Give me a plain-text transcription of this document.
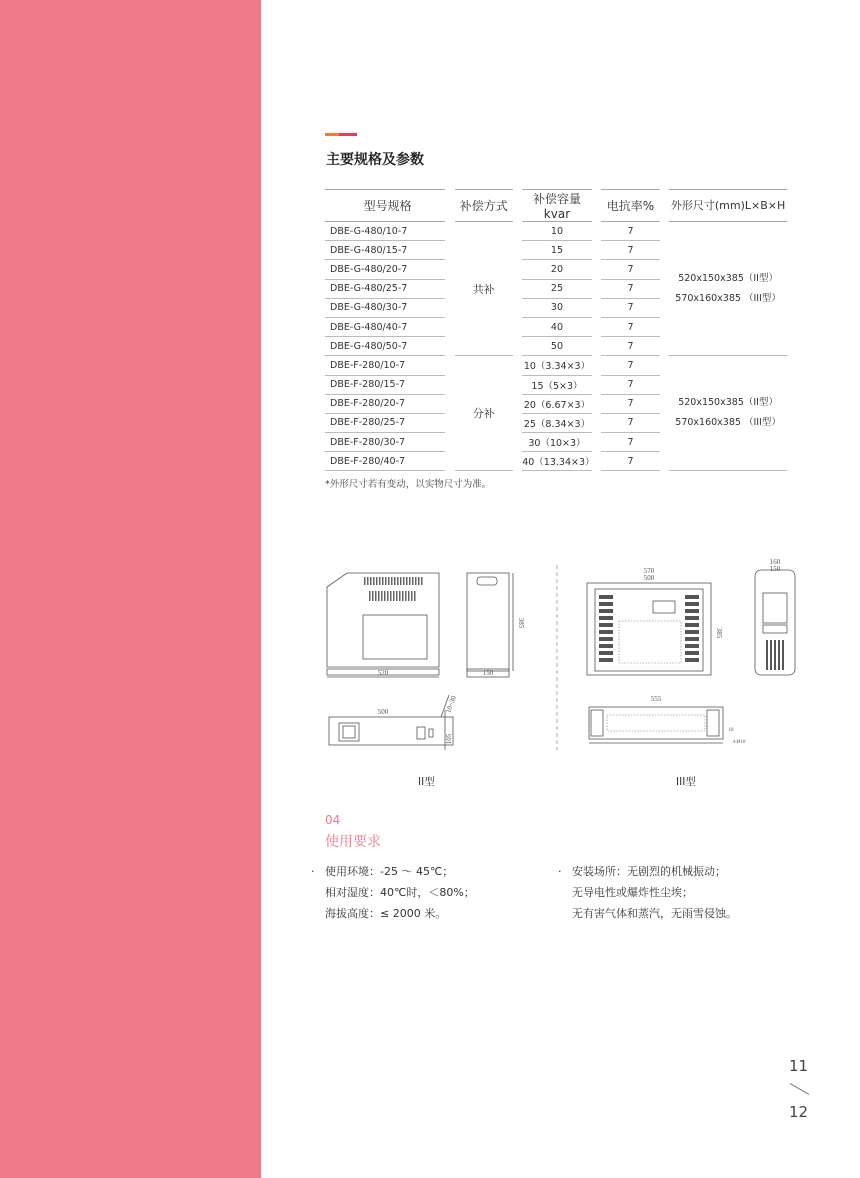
主要规格及参数
型号规格		补偿方式		补偿容量kvar		电抗率%		外形尺寸(mm)L×B×H
DBE-G-480/10-7		共补		10		7		520x150x385（II型）
570x160x385 （III型）

DBE-G-480/15-7				15		7		
DBE-G-480/20-7				20		7		
DBE-G-480/25-7				25		7		
DBE-G-480/30-7				30		7		
DBE-G-480/40-7				40		7		
DBE-G-480/50-7				50		7		
DBE-F-280/10-7		分补		10（3.34×3）		7		520x150x385（II型）
570x160x385 （III型）

DBE-F-280/15-7				15（5×3）		7		
DBE-F-280/20-7				20（6.67×3）		7		
DBE-F-280/25-7				25（8.34×3）		7		
DBE-F-280/30-7				30（10×3）		7		
DBE-F-280/40-7				40（13.34×3）		7		
*外形尺寸若有变动，以实物尺寸为准。
520	150
385
500	10~30
105
570
500
385
160
150
555
18
4-Ø10
II型	III型
04
使用要求
· 使用环境：-25 ～ 45℃；
相对湿度：40℃时，＜80%；
海拔高度：≤ 2000 米。
· 安装场所：无剧烈的机械振动；
无导电性或爆炸性尘埃；
无有害气体和蒸汽，无雨雪侵蚀。
11
12
